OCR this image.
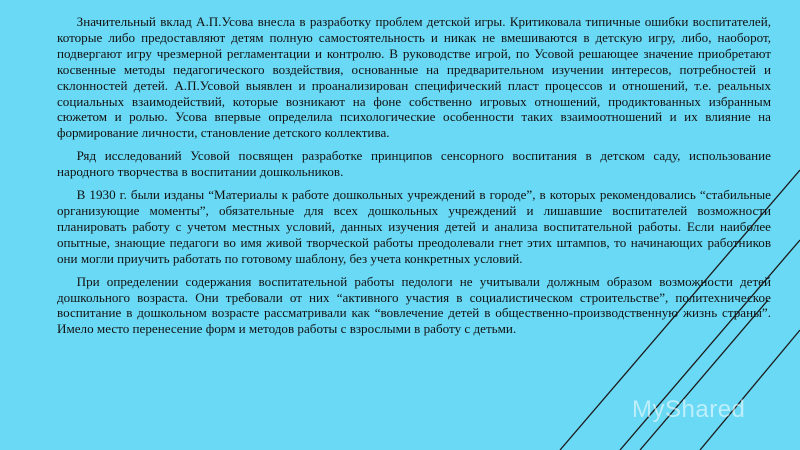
  Значительный вклад А.П.Усова внесла в разработку проблем детской игры. Критиковала типичные ошибки воспитателей, которые либо предоставляют детям полную самостоятельность и никак не вмешиваются в детскую игру, либо, наоборот, подвергают игру чрезмерной регламентации и контролю. В руководстве игрой, по Усовой решающее значение приобретают косвенные методы педагогического воздействия, основанные на предварительном изучении интересов, потребностей и склонностей детей. А.П.Усовой выявлен и проанализирован специфический пласт процессов и отношений, т.е. реальных социальных взаимодействий, которые возникают на фоне собственно игровых отношений, продиктованных избранным сюжетом и ролью. Усова впервые определила психологические особенности таких взаимоотношений и их влияние на формирование личности, становление детского коллектива.

  Ряд исследований Усовой посвящен разработке принципов сенсорного воспитания в детском саду, использование народного творчества в воспитании дошкольников.

  В 1930 г. были изданы “Материалы к работе дошкольных учреждений в городе”, в которых рекомендовались “стабильные организующие моменты”, обязательные для всех дошкольных учреждений и лишавшие воспитателей возможности планировать работу с учетом местных условий, данных изучения детей и анализа воспитательной работы. Если наиболее опытные, знающие педагоги во имя живой творческой работы преодолевали гнет этих штампов, то начинающих работников они могли приучить работать по готовому шаблону, без учета конкретных условий.

  При определении содержания воспитательной работы педологи не учитывали должным образом возможности детей дошкольного возраста. Они требовали от них “активного участия в социалистическом строительстве”, политехническое воспитание в дошкольном возрасте рассматривали как “вовлечение детей в общественно-производственную жизнь страны”. Имело место перенесение форм и методов работы с взрослыми в работу с детьми.

MyShared
